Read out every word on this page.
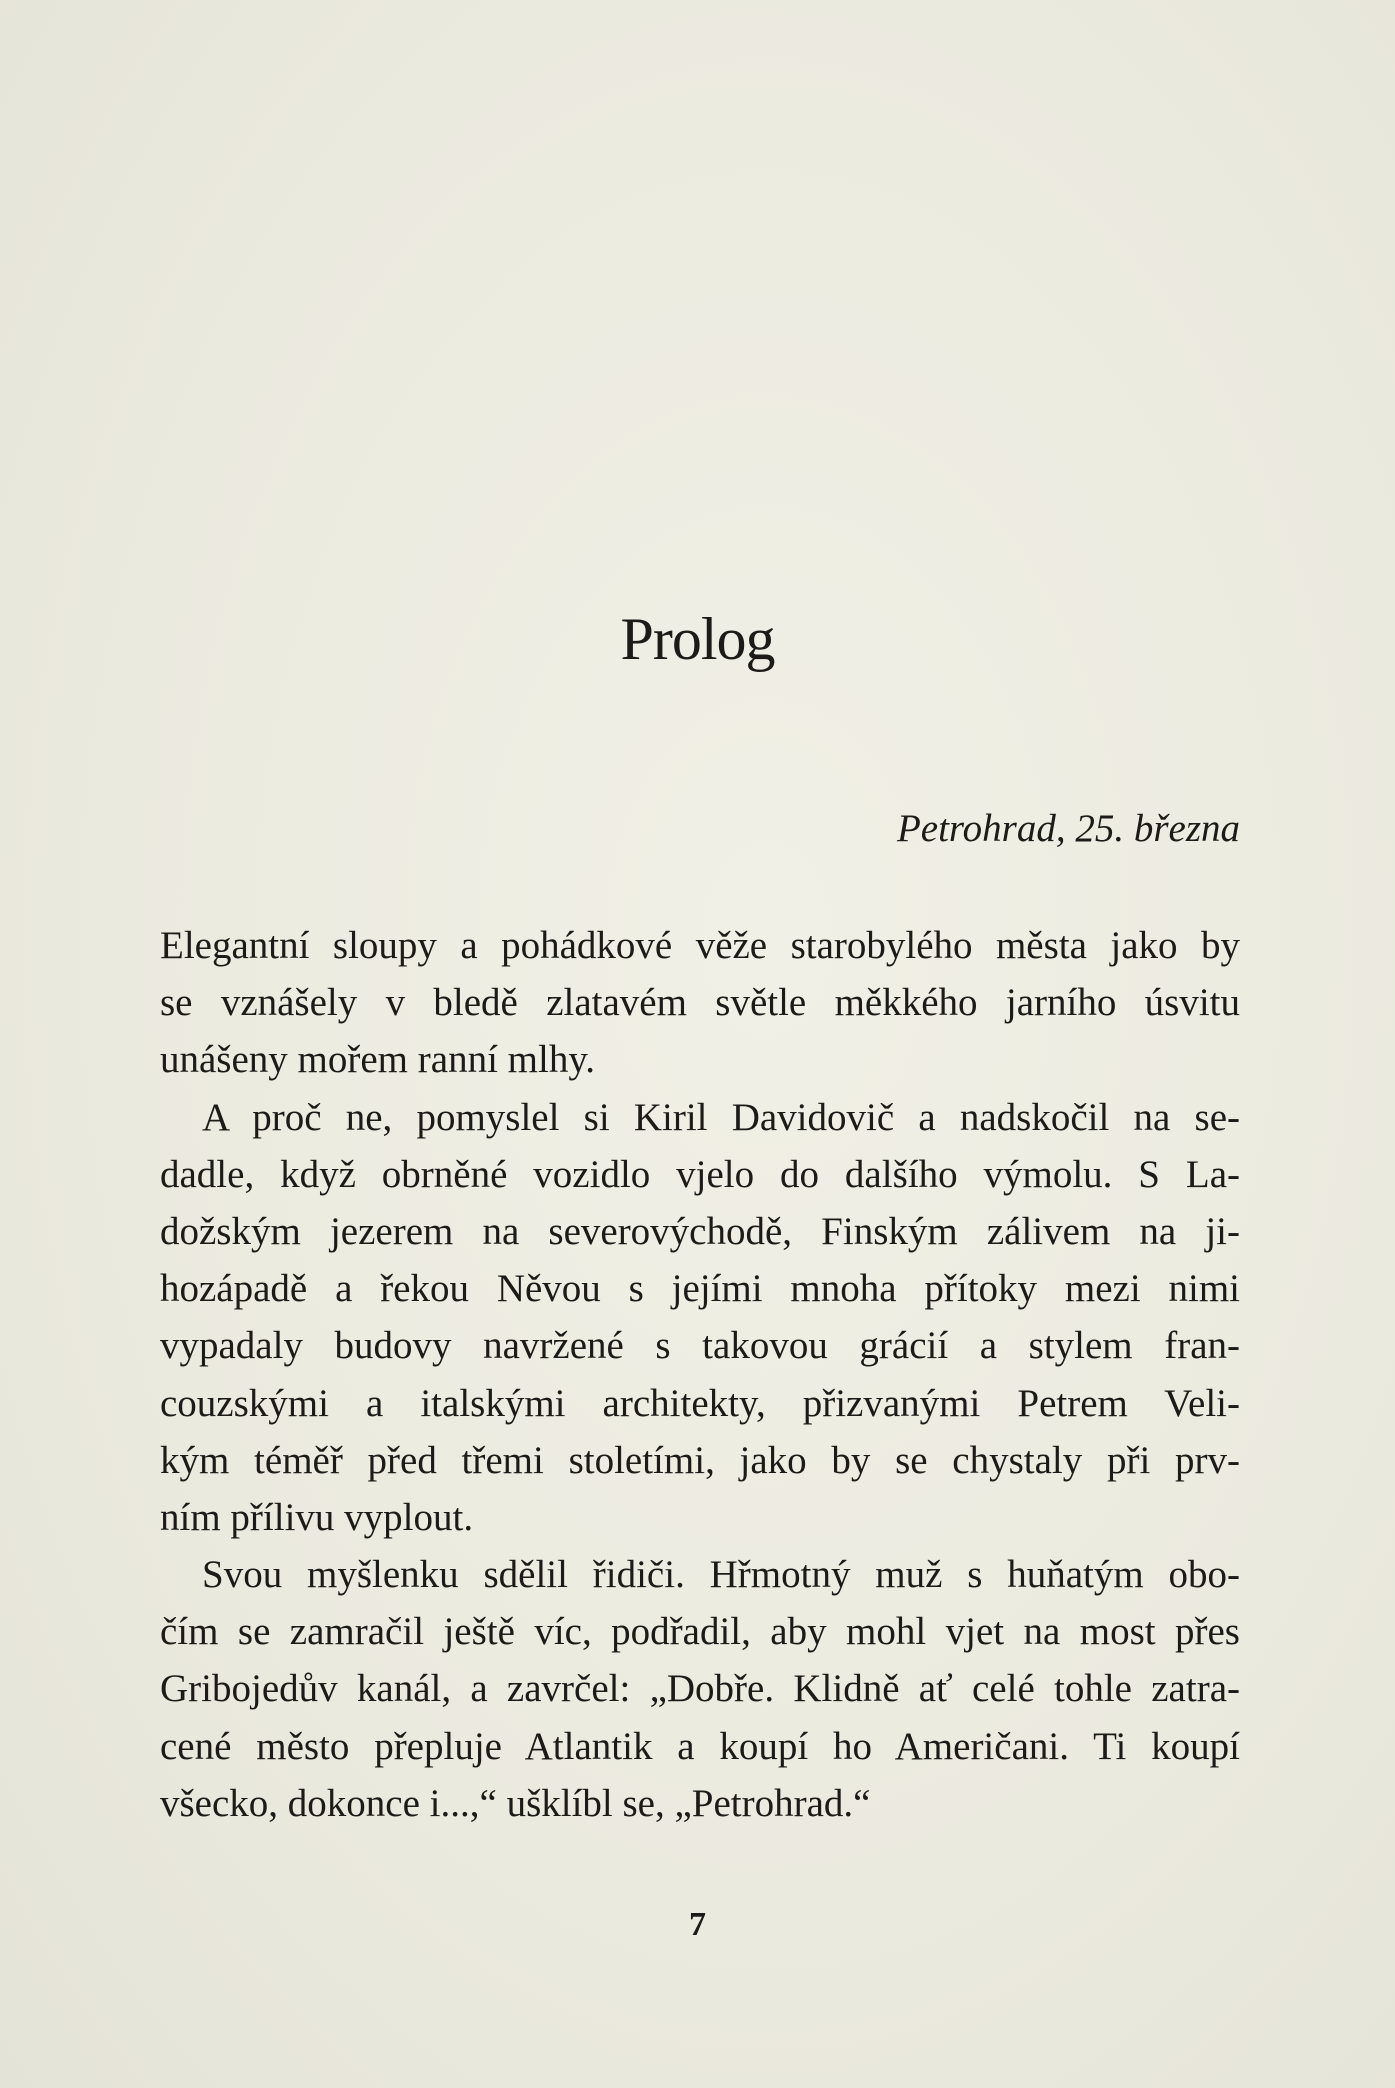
Prolog

Petrohrad, 25. března

Elegantní sloupy a pohádkové věže starobylého města jako by
se vznášely v bledě zlatavém světle měkkého jarního úsvitu
unášeny mořem ranní mlhy.
A proč ne, pomyslel si Kiril Davidovič a nadskočil na se-
dadle, když obrněné vozidlo vjelo do dalšího výmolu. S La-
dožským jezerem na severovýchodě, Finským zálivem na ji-
hozápadě a řekou Něvou s jejími mnoha přítoky mezi nimi
vypadaly budovy navržené s takovou grácií a stylem fran-
couzskými a italskými architekty, přizvanými Petrem Veli-
kým téměř před třemi stoletími, jako by se chystaly při prv-
ním přílivu vyplout.
Svou myšlenku sdělil řidiči. Hřmotný muž s huňatým obo-
čím se zamračil ještě víc, podřadil, aby mohl vjet na most přes
Gribojedův kanál, a zavrčel: „Dobře. Klidně ať celé tohle zatra-
cené město přepluje Atlantik a koupí ho Američani. Ti koupí
všecko, dokonce i...,“ ušklíbl se, „Petrohrad.“

7
